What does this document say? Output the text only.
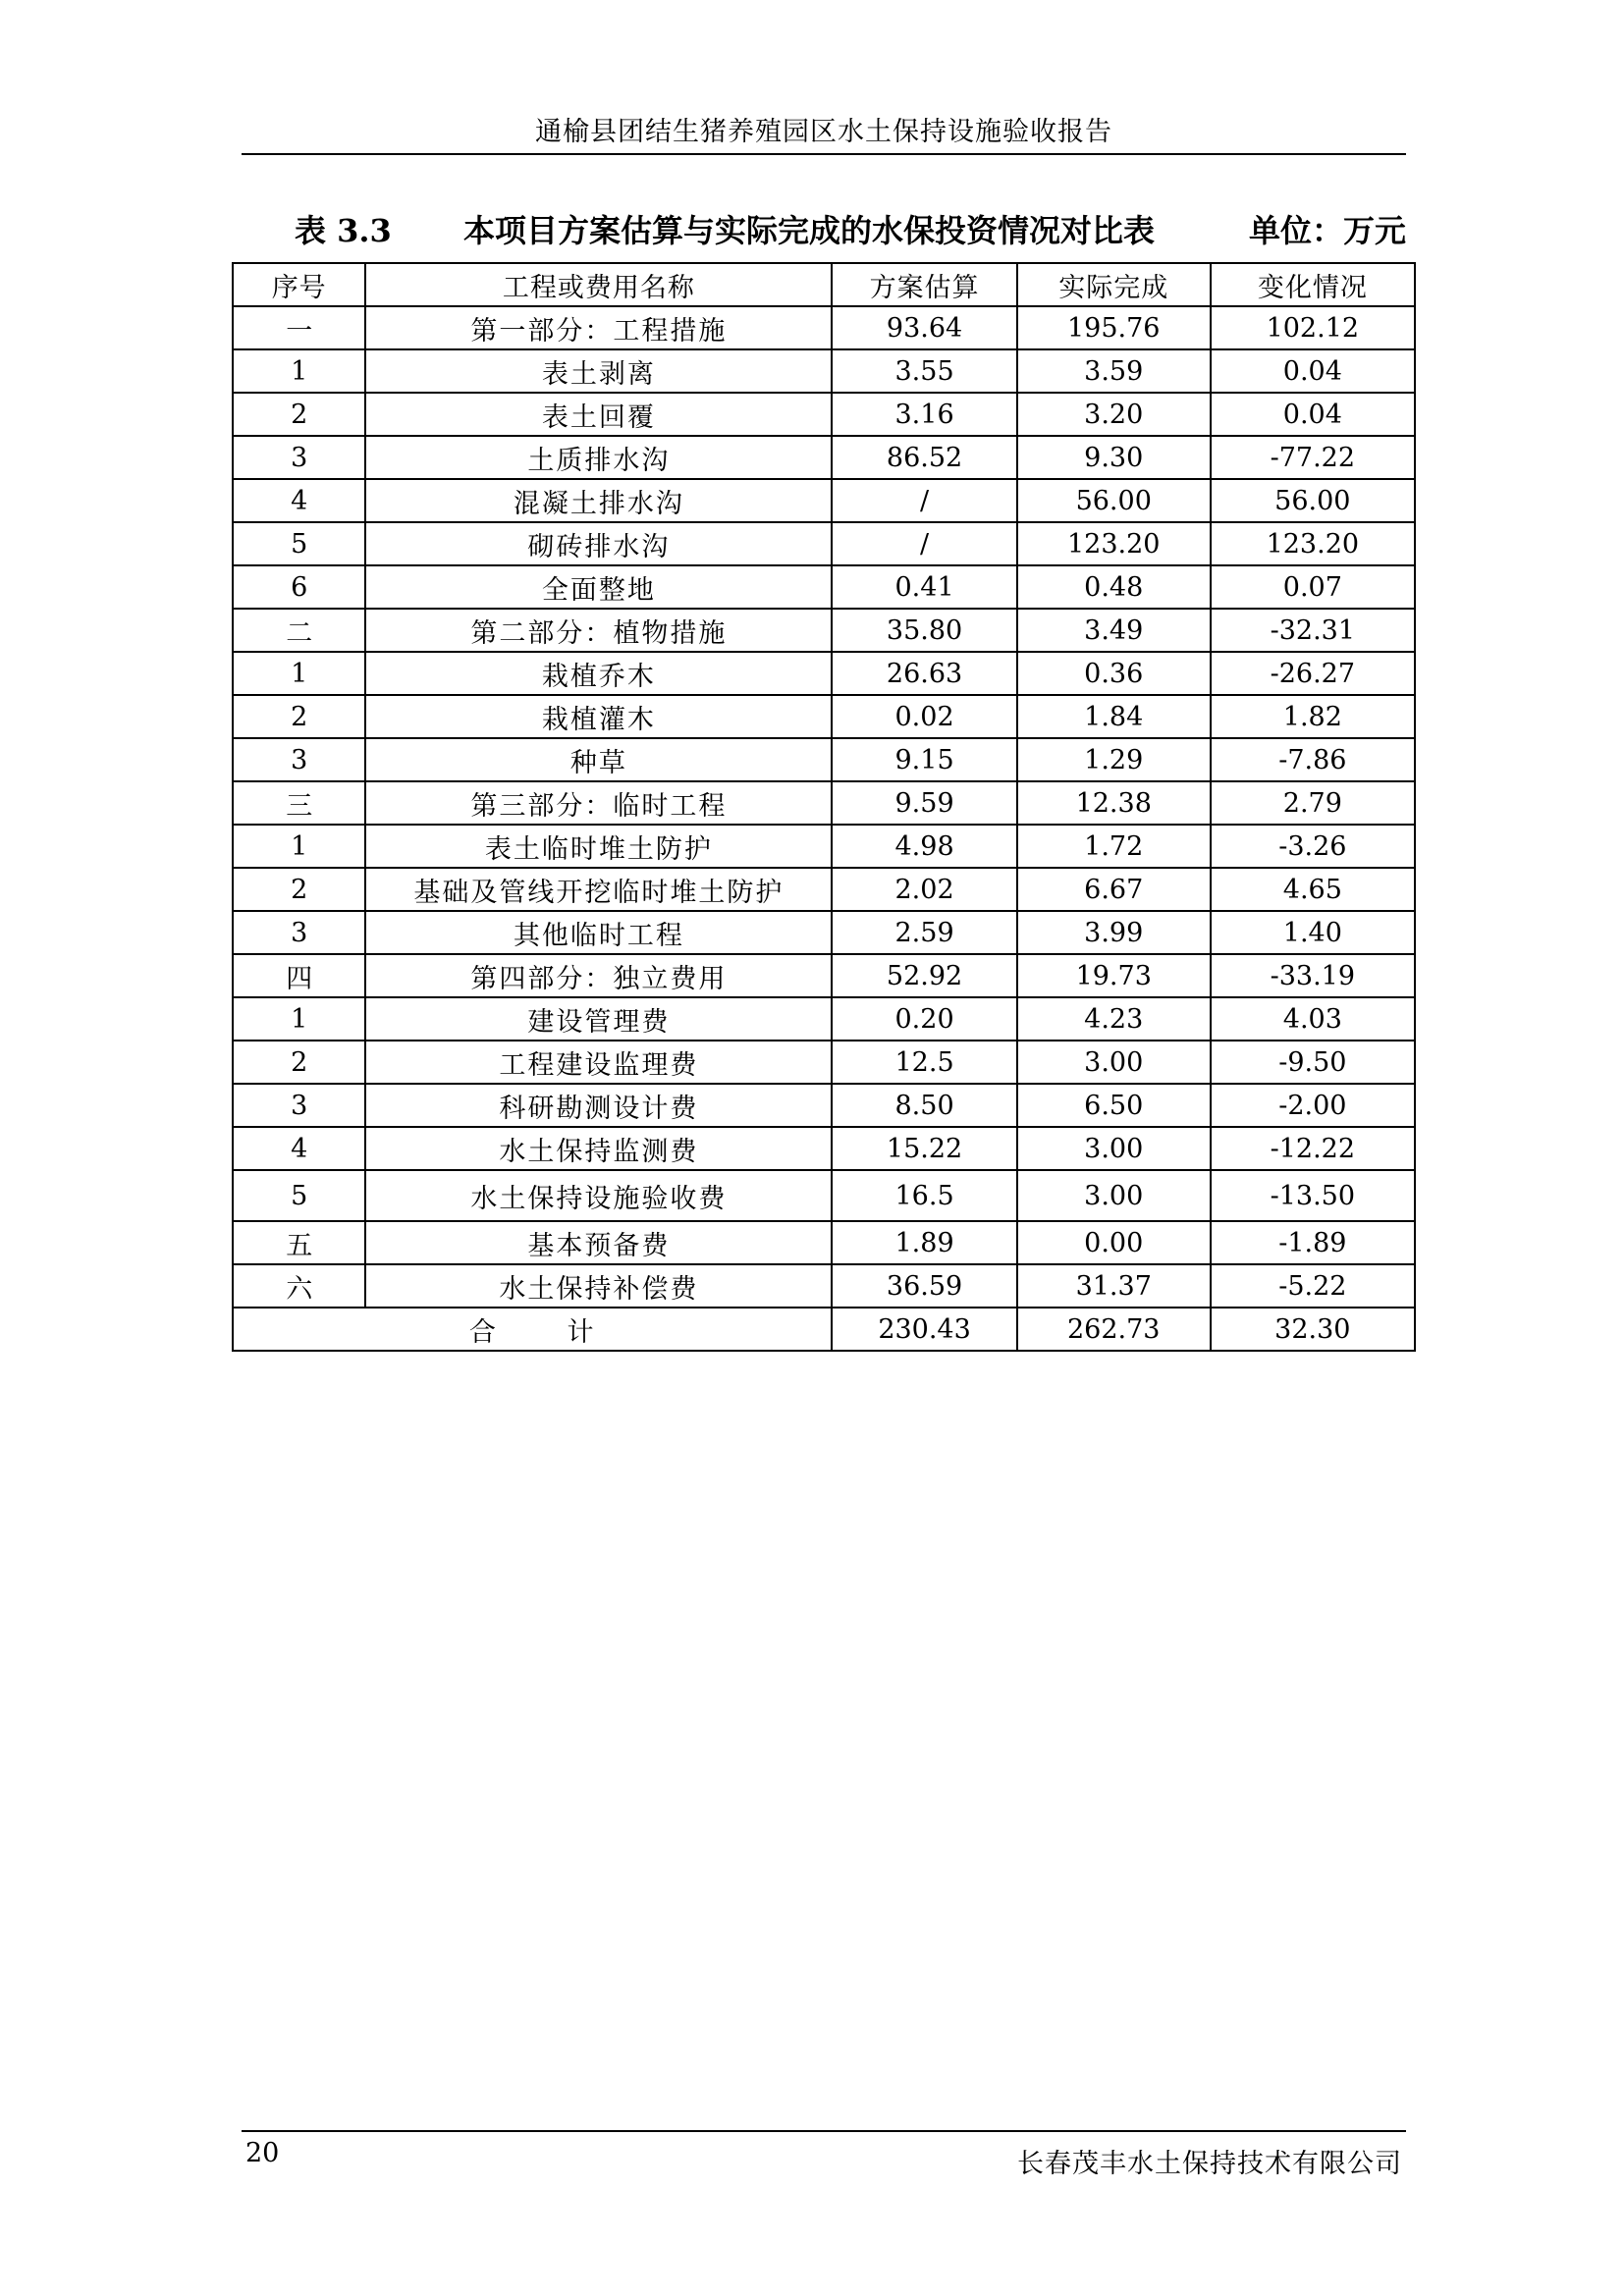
通榆县团结生猪养殖园区水土保持设施验收报告
表 3.3 本项目方案估算与实际完成的水保投资情况对比表	单位：万元
序号	工程或费用名称	方案估算	实际完成	变化情况
一	第一部分：工程措施	93.64	195.76	102.12
1	表土剥离	3.55	3.59	0.04
2	表土回覆	3.16	3.20	0.04
3	土质排水沟	86.52	9.30	-77.22
4	混凝土排水沟	/	56.00	56.00
5	砌砖排水沟	/	123.20	123.20
6	全面整地	0.41	0.48	0.07
二	第二部分：植物措施	35.80	3.49	-32.31
1	栽植乔木	26.63	0.36	-26.27
2	栽植灌木	0.02	1.84	1.82
3	种草	9.15	1.29	-7.86
三	第三部分：临时工程	9.59	12.38	2.79
1	表土临时堆土防护	4.98	1.72	-3.26
2	基础及管线开挖临时堆土防护	2.02	6.67	4.65
3	其他临时工程	2.59	3.99	1.40
四	第四部分：独立费用	52.92	19.73	-33.19
1	建设管理费	0.20	4.23	4.03
2	工程建设监理费	12.5	3.00	-9.50
3	科研勘测设计费	8.50	6.50	-2.00
4	水土保持监测费	15.22	3.00	-12.22
5	水土保持设施验收费	16.5	3.00	-13.50
五	基本预备费	1.89	0.00	-1.89
六	水土保持补偿费	36.59	31.37	-5.22
合 计		230.43	262.73	32.30
20	长春茂丰水土保持技术有限公司
